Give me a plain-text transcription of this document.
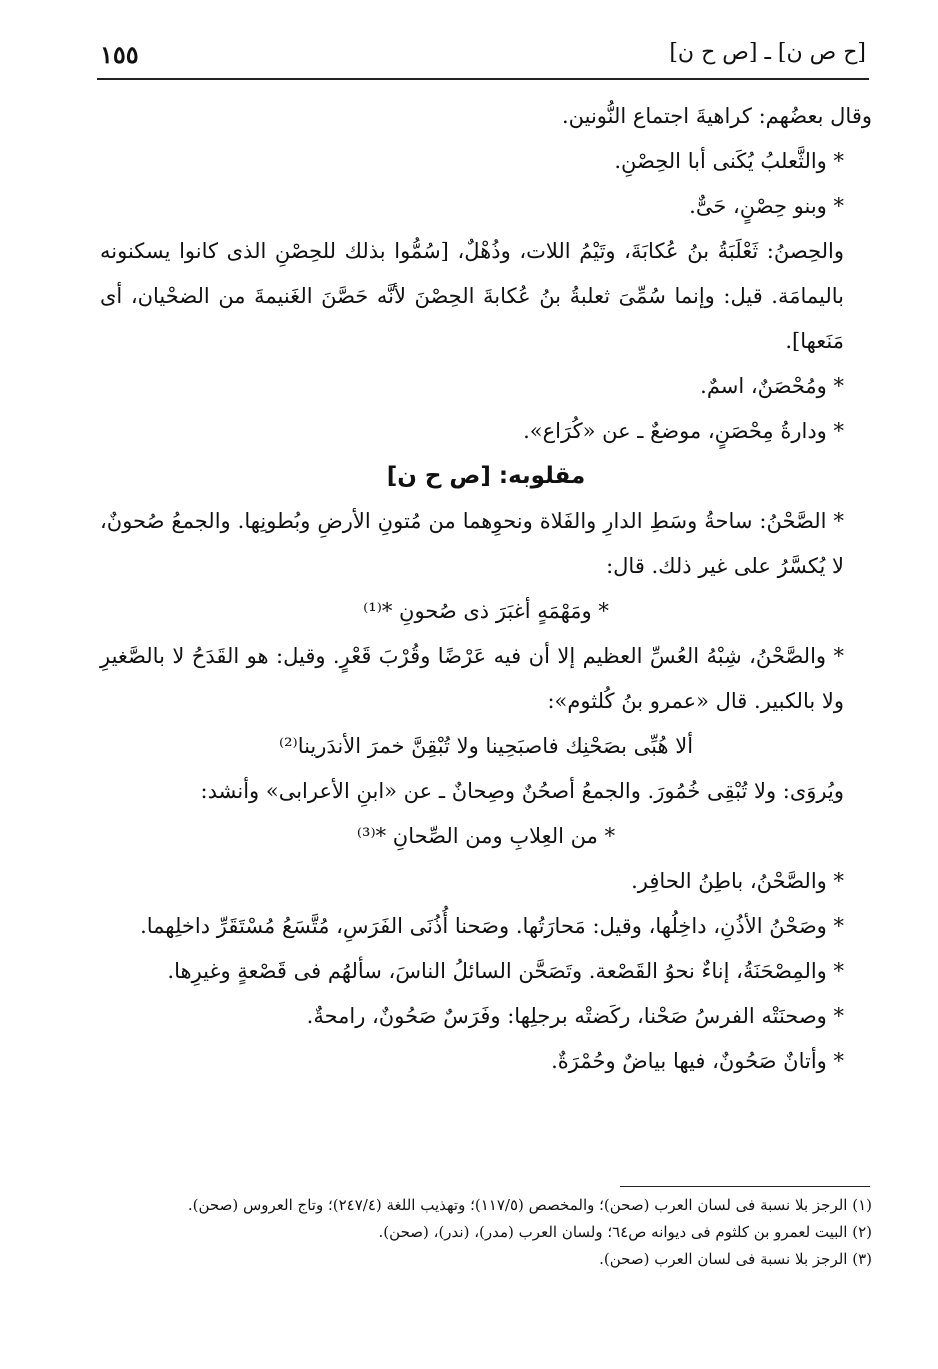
[ح ص ن] ـ [ص ح ن]
١٥٥

وقال بعضُهم: كراهيةَ اجتماع النُّونين.

* والثَّعلبُ يُكَنى أبا الحِصْنِ.

* وبنو حِصْنٍ، حَىٌّ.

والحِصنُ: ثَعْلَبَةُ بنُ عُكابَةَ، وتَيْمُ اللات، وذُهْلٌ، [سُمُّوا بذلك للحِصْنِ الذى كانوا يسكنونه باليمامَة. قيل: وإنما سُمِّىَ ثعلبةُ بنُ عُكابةَ الحِصْنَ لأنَّه حَصَّنَ الغَنيمةَ من الضحْيان، أى مَنَعها].

* ومُحْصَنٌ، اسمٌ.

* ودارةُ مِحْصَنٍ، موضعٌ ـ عن «كُرَاع».

مقلوبه: [ص ح ن]

* الصَّحْنُ: ساحةُ وسَطِ الدارِ والفَلاة ونحوِهما من مُتونِ الأرضِ وبُطونِها. والجمعُ صُحونٌ، لا يُكسَّرُ على غير ذلك. قال:

* ومَهْمَهٍ أغبَرَ ذى صُحونِ *⁽¹⁾

* والصَّحْنُ، شِبْهُ العُسِّ العظيم إلا أن فيه عَرْضًا وقُرْبَ قَعْرٍ. وقيل: هو القَدَحُ لا بالصَّغيرِ ولا بالكبير. قال «عمرو بنُ كُلثوم»:

ألا هُبِّى بصَحْنِك فاصبَحِينا ولا تُبْقِنَّ خمرَ الأندَرينا⁽²⁾

ويُروَى: ولا تُبْقِى خُمُورَ. والجمعُ أصحُنٌ وصِحانٌ ـ عن «ابنِ الأعرابى» وأنشد:

* من العِلابِ ومن الصِّحانِ *⁽³⁾

* والصَّحْنُ، باطِنُ الحافِر.

* وصَحْنُ الأذُنِ، داخِلُها، وقيل: مَحارَتُها. وصَحنا أُذُنَى الفَرَسِ، مُتَّسَعُ مُسْتَقَرِّ داخلِهما.

* والمِصْحَنَةُ، إناءٌ نحوُ القَصْعة. وتَصَحَّن السائلُ الناسَ، سألهُم فى قَصْعةٍ وغيرِها.

* وصحنَتْه الفرسُ صَحْنا، ركَضتْه برجلِها: وفَرَسٌ صَحُونٌ، رامحةٌ.

* وأتانٌ صَحُونٌ، فيها بياضٌ وحُمْرَةٌ.

(١) الرجز بلا نسبة فى لسان العرب (صحن)؛ والمخصص (١١٧/٥)؛ وتهذيب اللغة (٢٤٧/٤)؛ وتاج العروس (صحن).

(٢) البيت لعمرو بن كلثوم فى ديوانه ص٦٤؛ ولسان العرب (مدر)، (ندر)، (صحن).

(٣) الرجز بلا نسبة فى لسان العرب (صحن).
